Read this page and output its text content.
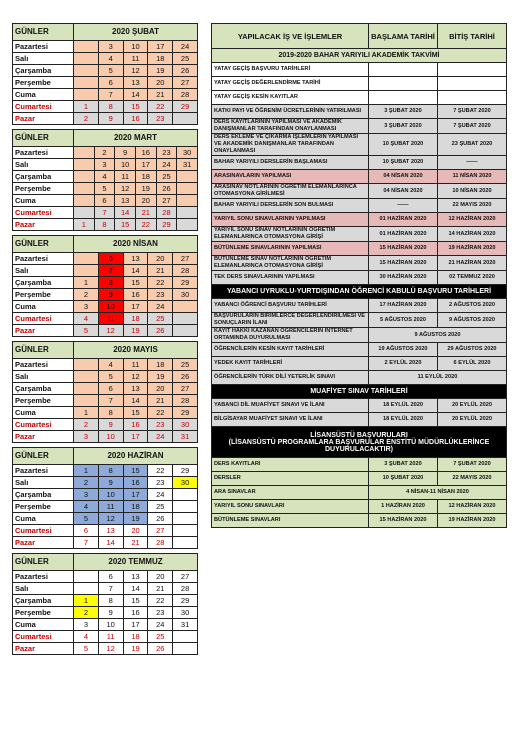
GÜNLER	2020 ŞUBAT				
Pazartesi		3	10	17	24
Salı		4	11	18	25
Çarşamba		5	12	19	26
Perşembe		6	13	20	27
Cuma		7	14	21	28
Cumartesi	1	8	15	22	29
Pazar	2	9	16	23	
GÜNLER	2020 MART					
Pazartesi		2	9	16	23	30
Salı		3	10	17	24	31
Çarşamba		4	11	18	25	
Perşembe		5	12	19	26	
Cuma		6	13	20	27	
Cumartesi		7	14	21	28	
Pazar	1	8	15	22	29	
GÜNLER	2020 NİSAN				
Pazartesi		6	13	20	27
Salı		7	14	21	28
Çarşamba	1	8	15	22	29
Perşembe	2	9	16	23	30
Cuma	3	10	17	24	
Cumartesi	4	11	18	25	
Pazar	5	12	19	26	
GÜNLER	2020 MAYIS				
Pazartesi		4	11	18	25
Salı		5	12	19	26
Çarşamba		6	13	20	27
Perşembe		7	14	21	28
Cuma	1	8	15	22	29
Cumartesi	2	9	16	23	30
Pazar	3	10	17	24	31
GÜNLER	2020 HAZİRAN				
Pazartesi	1	8	15	22	29
Salı	2	9	16	23	30
Çarşamba	3	10	17	24	
Perşembe	4	11	18	25	
Cuma	5	12	19	26	
Cumartesi	6	13	20	27	
Pazar	7	14	21	28	
GÜNLER	2020 TEMMUZ				
Pazartesi		6	13	20	27
Salı		7	14	21	28
Çarşamba	1	8	15	22	29
Perşembe	2	9	16	23	30
Cuma	3	10	17	24	31
Cumartesi	4	11	18	25	
Pazar	5	12	19	26	
YAPILACAK İŞ VE İŞLEMLER	BAŞLAMA TARİHİ	BİTİŞ TARİHİ
2019-2020 BAHAR YARIYILI AKADEMİK TAKVİMİ		
YATAY GEÇİŞ BAŞVURU TARİHLERİ		
YATAY GEÇİŞ DEĞERLENDİRME TARİHİ		
YATAY GEÇİŞ KESİN KAYITLAR		
KATKI PAYI VE ÖĞRENİM ÜCRETLERİNİN YATIRILMASI	3 ŞUBAT 2020	7 ŞUBAT 2020
DERS KAYITLARININ YAPILMASI VE AKADEMİK DANIŞMANLAR TARAFINDAN ONAYLANMASI	3 ŞUBAT 2020	7 ŞUBAT 2020
DERS EKLEME VE ÇIKARMA İŞLEMLERİN YAPILMASI VE AKADEMİK DANIŞMANLAR TARAFINDAN ONAYLANMASI	10 ŞUBAT 2020	23 ŞUBAT 2020
BAHAR YARIYILI DERSLERİN BAŞLAMASI	10 ŞUBAT 2020	——
ARASINAVLARIN YAPILMASI	04 NİSAN 2020	11 NİSAN 2020
ARASINAV NOTLARININ ÖĞRETİM ELEMANLARINCA OTOMASYONA GİRİLMESİ	04 NİSAN 2020	10 NİSAN 2020
BAHAR YARIYILI DERSLERİN SON BULMASI	——	22 MAYIS 2020
YARIYIL SONU SINAVLARININ YAPILMASI	01 HAZİRAN 2020	12 HAZİRAN 2020
YARIYIL SONU SINAV NOTLARININ ÖĞRETİM ELEMANLARINCA OTOMASYONA GİRİŞİ	01 HAZİRAN 2020	14 HAZİRAN 2020
BÜTÜNLEME SINAVLARININ YAPILMASI	15 HAZİRAN 2020	19 HAZİRAN 2020
BÜTÜNLEME SINAV NOTLARININ ÖĞRETİM ELEMANLARINCA OTOMASYONA GİRİŞİ	15 HAZİRAN 2020	21 HAZİRAN 2020
TEK DERS SINAVLARININ YAPILMASI	30 HAZİRAN 2020	02 TEMMUZ 2020
YABANCI UYRUKLU-YURTDIŞINDAN ÖĞRENCİ KABULÜ BAŞVURU TARİHLERİ		
YABANCI ÖĞRENCİ BAŞVURU TARİHLERİ	17 HAZİRAN 2020	2 AĞUSTOS 2020
BAŞVURULARIN BİRİMLERCE DEĞERLENDİRİLMESİ VE SONUÇLARIN İLANI	5 AĞUSTOS 2020	9 AĞUSTOS 2020
KAYIT HAKKI KAZANAN ÖĞRENCİLERİN İNTERNET ORTAMINDA DUYURULMASI	9 AĞUSTOS 2020	
ÖĞRENCİLERİN KESİN KAYIT TARİHLERİ	19 AĞUSTOS 2020	29 AĞUSTOS 2020
YEDEK KAYIT TARİHLERİ	2 EYLÜL 2020	6 EYLÜL 2020
ÖĞRENCİLERİN TÜRK DİLİ YETERLİK SINAVI	11 EYLÜL 2020	
MUAFİYET SINAV TARİHLERİ		
YABANCI DİL MUAFİYET SINAVI VE İLANI	18 EYLÜL 2020	20 EYLÜL 2020
BİLGİSAYAR MUAFİYET SINAVI VE İLANI	18 EYLÜL 2020	20 EYLÜL 2020

LİSANSÜSTÜ BAŞVURULARI
(LİSANSÜSTÜ PROGRAMLARA BAŞVURULAR ENSTİTÜ MÜDÜRLÜKLERİNCE DUYURULACAKTIR)		

DERS KAYITLARI	3 ŞUBAT 2020	7 ŞUBAT 2020
DERSLER	10 ŞUBAT 2020	22 MAYIS 2020
ARA SINAVLAR	4 NİSAN-11 NİSAN 2020	
YARIYIL SONU SINAVLARI	1 HAZİRAN 2020	12 HAZİRAN 2020
BÜTÜNLEME SINAVLARI	15 HAZİRAN 2020	19 HAZİRAN 2020
